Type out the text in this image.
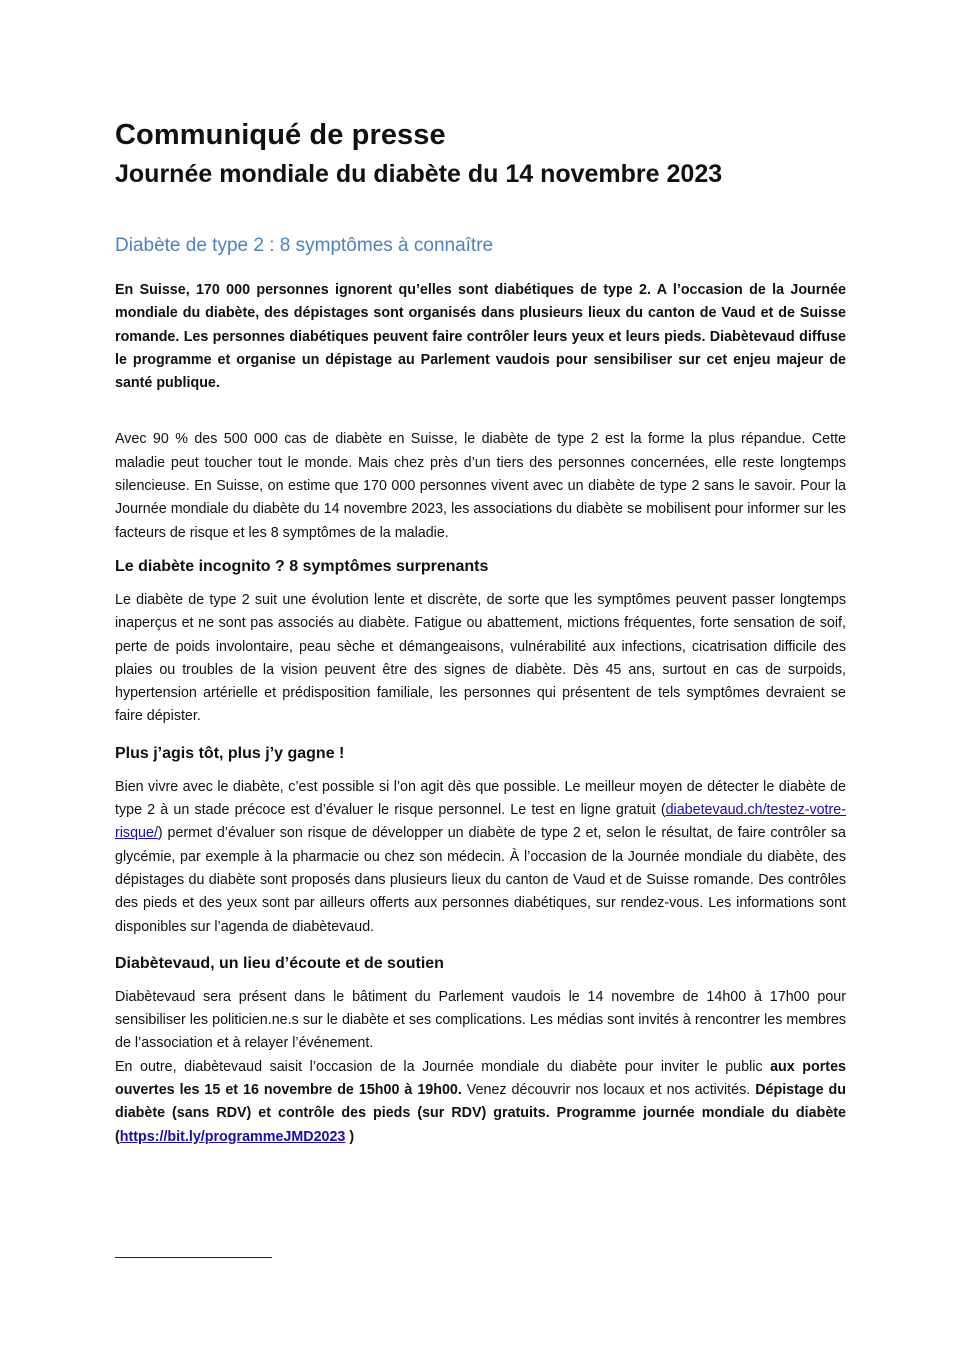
Communiqué de presse
Journée mondiale du diabète du 14 novembre 2023
Diabète de type 2 : 8 symptômes à connaître

En Suisse, 170 000 personnes ignorent qu’elles sont diabétiques de type 2. A l’occasion de la Journée mondiale du diabète, des dépistages sont organisés dans plusieurs lieux du canton de Vaud et de Suisse romande. Les personnes diabétiques peuvent faire contrôler leurs yeux et leurs pieds. Diabètevaud diffuse le programme et organise un dépistage au Parlement vaudois pour sensibiliser sur cet enjeu majeur de santé publique.

Avec 90 % des 500 000 cas de diabète en Suisse, le diabète de type 2 est la forme la plus répandue. Cette maladie peut toucher tout le monde. Mais chez près d’un tiers des personnes concernées, elle reste longtemps silencieuse. En Suisse, on estime que 170 000 personnes vivent avec un diabète de type 2 sans le savoir. Pour la Journée mondiale du diabète du 14 novembre 2023, les associations du diabète se mobilisent pour informer sur les facteurs de risque et les 8 symptômes de la maladie.

Le diabète incognito ? 8 symptômes surprenants

Le diabète de type 2 suit une évolution lente et discrète, de sorte que les symptômes peuvent passer longtemps inaperçus et ne sont pas associés au diabète. Fatigue ou abattement, mictions fréquentes, forte sensation de soif, perte de poids involontaire, peau sèche et démangeaisons, vulnérabilité aux infections, cicatrisation difficile des plaies ou troubles de la vision peuvent être des signes de diabète. Dès 45 ans, surtout en cas de surpoids, hypertension artérielle et prédisposition familiale, les personnes qui présentent de tels symptômes devraient se faire dépister.

Plus j’agis tôt, plus j’y gagne !

Bien vivre avec le diabète, c’est possible si l’on agit dès que possible. Le meilleur moyen de détecter le diabète de type 2 à un stade précoce est d’évaluer le risque personnel. Le test en ligne gratuit (diabetevaud.ch/testez-votre-risque/) permet d’évaluer son risque de développer un diabète de type 2 et, selon le résultat, de faire contrôler sa glycémie, par exemple à la pharmacie ou chez son médecin. À l’occasion de la Journée mondiale du diabète, des dépistages du diabète sont proposés dans plusieurs lieux du canton de Vaud et de Suisse romande. Des contrôles des pieds et des yeux sont par ailleurs offerts aux personnes diabétiques, sur rendez-vous. Les informations sont disponibles sur l’agenda de diabètevaud.

Diabètevaud, un lieu d’écoute et de soutien

Diabètevaud sera présent dans le bâtiment du Parlement vaudois le 14 novembre de 14h00 à 17h00 pour sensibiliser les politicien.ne.s sur le diabète et ses complications. Les médias sont invités à rencontrer les membres de l’association et à relayer l’événement.

En outre, diabètevaud saisit l’occasion de la Journée mondiale du diabète pour inviter le public aux portes ouvertes les 15 et 16 novembre de 15h00 à 19h00. Venez découvrir nos locaux et nos activités. Dépistage du diabète (sans RDV) et contrôle des pieds (sur RDV) gratuits. Programme journée mondiale du diabète (https://bit.ly/programmeJMD2023 )
